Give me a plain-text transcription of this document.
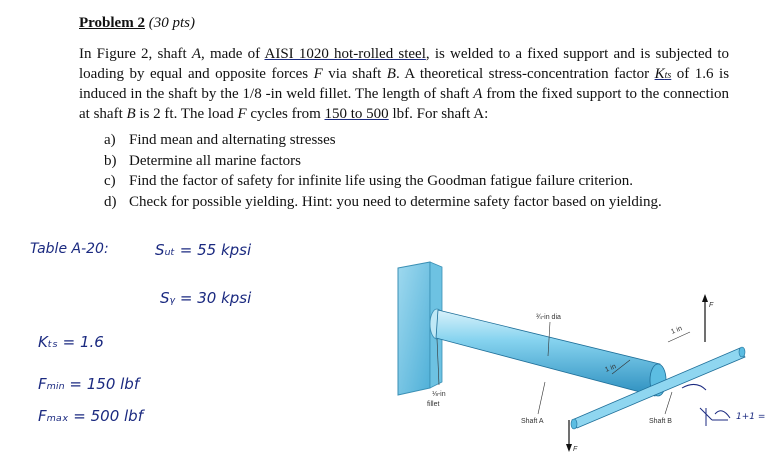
Problem 2 (30 pts)
In Figure 2, shaft A, made of AISI 1020 hot-rolled steel, is welded to a fixed support and is subjected to loading by equal and opposite forces F via shaft B. A theoretical stress-concentration factor Kts of 1.6 is induced in the shaft by the 1/8 -in weld fillet. The length of shaft A from the fixed support to the connection at shaft B is 2 ft. The load F cycles from 150 to 500 lbf. For shaft A:
a) Find mean and alternating stresses
b) Determine all marine factors
c) Find the factor of safety for infinite life using the Goodman fatigue failure criterion.
d) Check for possible yielding. Hint: you need to determine safety factor based on yielding.
Table A-20:	Sᵤₜ = 55 kpsi
Sᵧ = 30 kpsi
Kₜₛ = 1.6
Fₘᵢₙ = 150 lbf
Fₘₐₓ = 500 lbf	1+1 =
¾-in dia
1 in
1 in
⅛-in
fillet
Shaft A	Shaft B
F
F
